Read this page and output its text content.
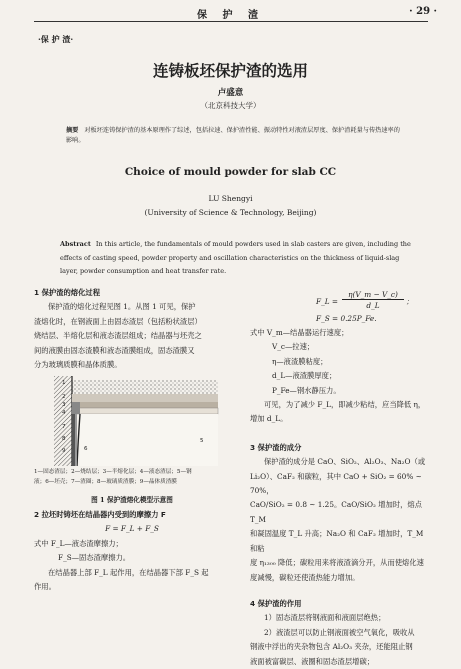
保 护 渣	· 29 ·
·保 护 渣·
连铸板坯保护渣的选用
卢盛意
（北京科技大学）
摘要 对板坯连铸保护渣的基本原理作了综述，包括拉速、保护渣性能、振动特性对液渣层厚度、保护渣耗量与传热速率的影响。
Choice of mould powder for slab CC
LU Shengyi
(University of Science & Technology, Beijing)
Abstract In this article, the fundamentals of mould powders used in slab casters are given, including the
effects of casting speed, powder property and oscillation characteristics on the thickness of liquid-slag
layer, powder consumption and heat transfer rate.
1 保护渣的熔化过程
保护渣的熔化过程见图 1。从图 1 可见，保护
渣熔化时，在钢液面上由固态渣层（包括粉状渣层）
烧结层、半熔化层和液态渣层组成；结晶器与坯壳之
间的液膜由固态渣膜和液态渣膜组成，固态渣膜又
分为玻璃质膜和晶体质膜。
1
2
3
4
5
6
7
8
9
1—固态渣层；2—烧结层；3—半熔化层；4—液态渣层；5—钢
液；6—坯壳；7—渣圈；8—玻璃质渣膜；9—晶体质渣膜
图 1 保护渣熔化模型示意图
2 拉坯时铸坯在结晶器内受到的摩擦力 F
F = F_L + F_S
式中 F_L—液态渣摩擦力；
F_S—固态渣摩擦力。
在结晶器上部 F_L 起作用，在结晶器下部 F_S 起
作用。
F_L =
η(V_m − V_c)
d_L	；
F_S = 0.25P_Fe.
式中 V_m—结晶器运行速度；
V_c—拉速；
η—液渣膜粘度；
d_L—液渣膜厚度；
P_Fe—钢水静压力。
可见，为了减少 F_L，即减少粘结，应当降低 η，
增加 d_L。
3 保护渣的成分
保护渣的成分是 CaO、SiO₂、Al₂O₃、Na₂O（或
Li₂O）、CaF₂ 和碳粒，其中 CaO + SiO₂ = 60% ~ 70%，
CaO/SiO₂ = 0.8 ~ 1.25。CaO/SiO₂ 增加时，熔点 T_M
和凝固温度 T_L 升高；Na₂O 和 CaF₂ 增加时，T_M 和粘
度 η₁₃₀₀ 降低；碳粒用来将液渣滴分开，从而使熔化速
度减慢，碳粒还使渣热能力增加。
4 保护渣的作用
1）固态渣层将钢液面和液面层绝热；
2）液渣层可以防止钢液面被空气氧化，吸收从
钢液中浮出的夹杂物包含 Al₂O₃ 夹杂，还能阻止钢
液面被富碳层、液圈和固态渣层增碳；
